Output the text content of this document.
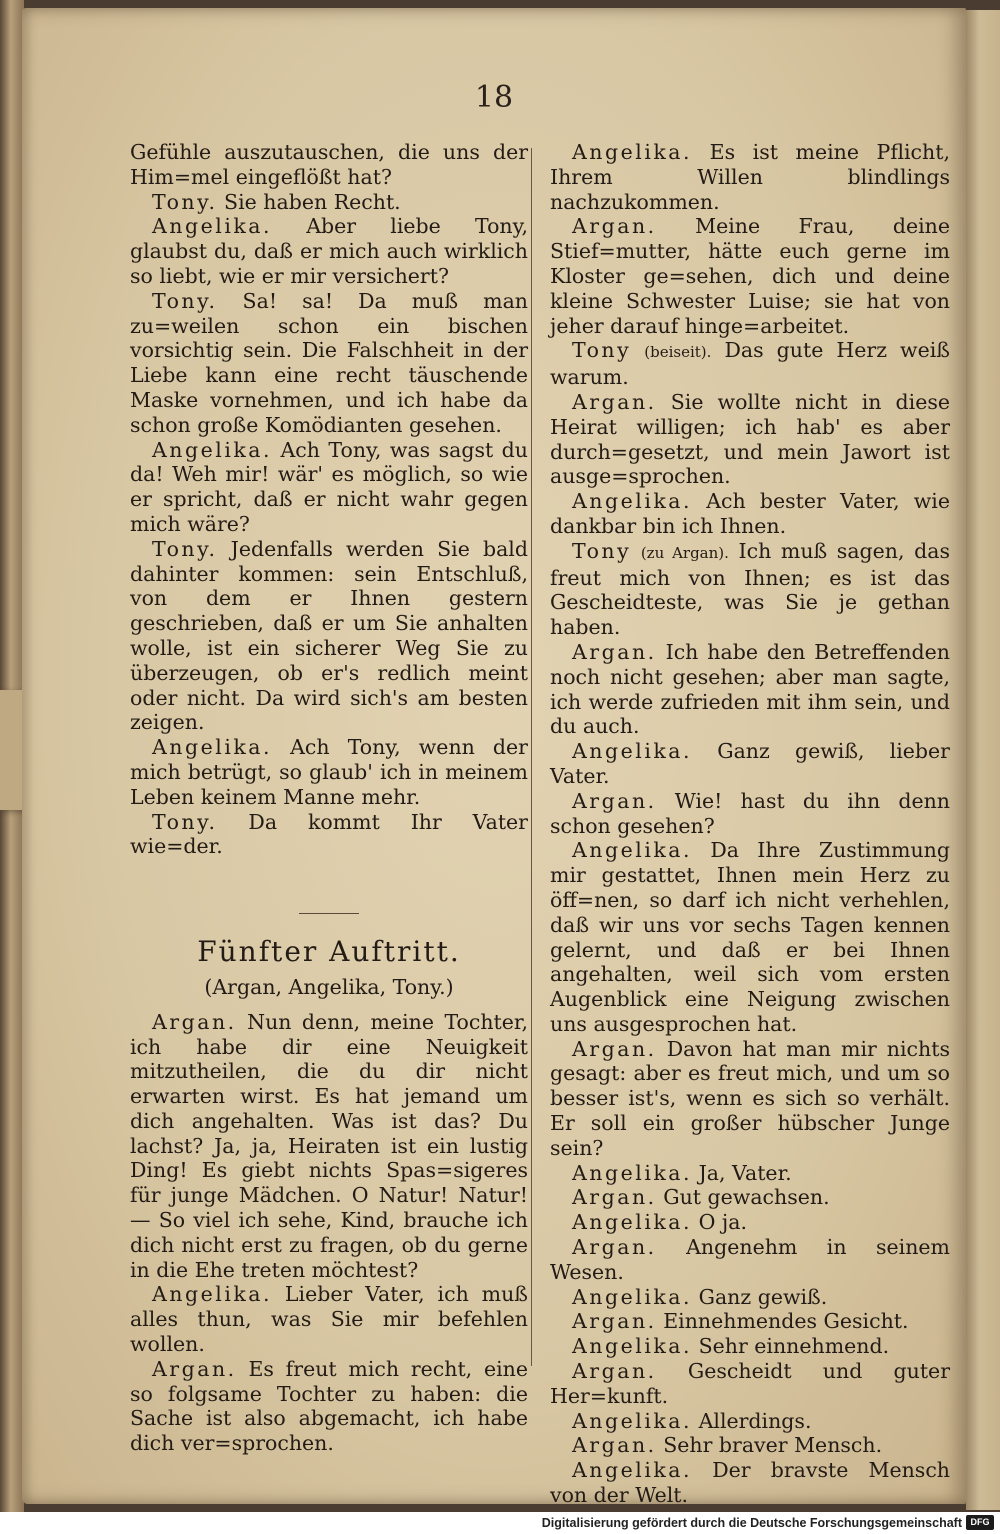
18

Gefühle auszutauschen, die uns der Him=mel eingeflößt hat?

Tony. Sie haben Recht.

Angelika. Aber liebe Tony, glaubst du, daß er mich auch wirklich so liebt, wie er mir versichert?

Tony. Sa! sa! Da muß man zu=weilen schon ein bischen vorsichtig sein. Die Falschheit in der Liebe kann eine recht täuschende Maske vornehmen, und ich habe da schon große Komödianten gesehen.

Angelika. Ach Tony, was sagst du da! Weh mir! wär' es möglich, so wie er spricht, daß er nicht wahr gegen mich wäre?

Tony. Jedenfalls werden Sie bald dahinter kommen: sein Entschluß, von dem er Ihnen gestern geschrieben, daß er um Sie anhalten wolle, ist ein sicherer Weg Sie zu überzeugen, ob er's redlich meint oder nicht. Da wird sich's am besten zeigen.

Angelika. Ach Tony, wenn der mich betrügt, so glaub' ich in meinem Leben keinem Manne mehr.

Tony. Da kommt Ihr Vater wie=der.

Fünfter Auftritt.

(Argan, Angelika, Tony.)

Argan. Nun denn, meine Tochter, ich habe dir eine Neuigkeit mitzutheilen, die du dir nicht erwarten wirst. Es hat jemand um dich angehalten. Was ist das? Du lachst? Ja, ja, Heiraten ist ein lustig Ding! Es giebt nichts Spas=sigeres für junge Mädchen. O Natur! Natur! — So viel ich sehe, Kind, brauche ich dich nicht erst zu fragen, ob du gerne in die Ehe treten möchtest?

Angelika. Lieber Vater, ich muß alles thun, was Sie mir befehlen wollen.

Argan. Es freut mich recht, eine so folgsame Tochter zu haben: die Sache ist also abgemacht, ich habe dich ver=sprochen.

Angelika. Es ist meine Pflicht, Ihrem Willen blindlings nachzukommen.

Argan. Meine Frau, deine Stief=mutter, hätte euch gerne im Kloster ge=sehen, dich und deine kleine Schwester Luise; sie hat von jeher darauf hinge=arbeitet.

Tony (beiseit). Das gute Herz weiß warum.

Argan. Sie wollte nicht in diese Heirat willigen; ich hab' es aber durch=gesetzt, und mein Jawort ist ausge=sprochen.

Angelika. Ach bester Vater, wie dankbar bin ich Ihnen.

Tony (zu Argan). Ich muß sagen, das freut mich von Ihnen; es ist das Gescheidteste, was Sie je gethan haben.

Argan. Ich habe den Betreffenden noch nicht gesehen; aber man sagte, ich werde zufrieden mit ihm sein, und du auch.

Angelika. Ganz gewiß, lieber Vater.

Argan. Wie! hast du ihn denn schon gesehen?

Angelika. Da Ihre Zustimmung mir gestattet, Ihnen mein Herz zu öff=nen, so darf ich nicht verhehlen, daß wir uns vor sechs Tagen kennen gelernt, und daß er bei Ihnen angehalten, weil sich vom ersten Augenblick eine Neigung zwischen uns ausgesprochen hat.

Argan. Davon hat man mir nichts gesagt: aber es freut mich, und um so besser ist's, wenn es sich so verhält. Er soll ein großer hübscher Junge sein?

Angelika. Ja, Vater.

Argan. Gut gewachsen.

Angelika. O ja.

Argan. Angenehm in seinem Wesen.

Angelika. Ganz gewiß.

Argan. Einnehmendes Gesicht.

Angelika. Sehr einnehmend.

Argan. Gescheidt und guter Her=kunft.

Angelika. Allerdings.

Argan. Sehr braver Mensch.

Angelika. Der bravste Mensch von der Welt.

Digitalisierung gefördert durch die Deutsche Forschungsgemeinschaft DFG
